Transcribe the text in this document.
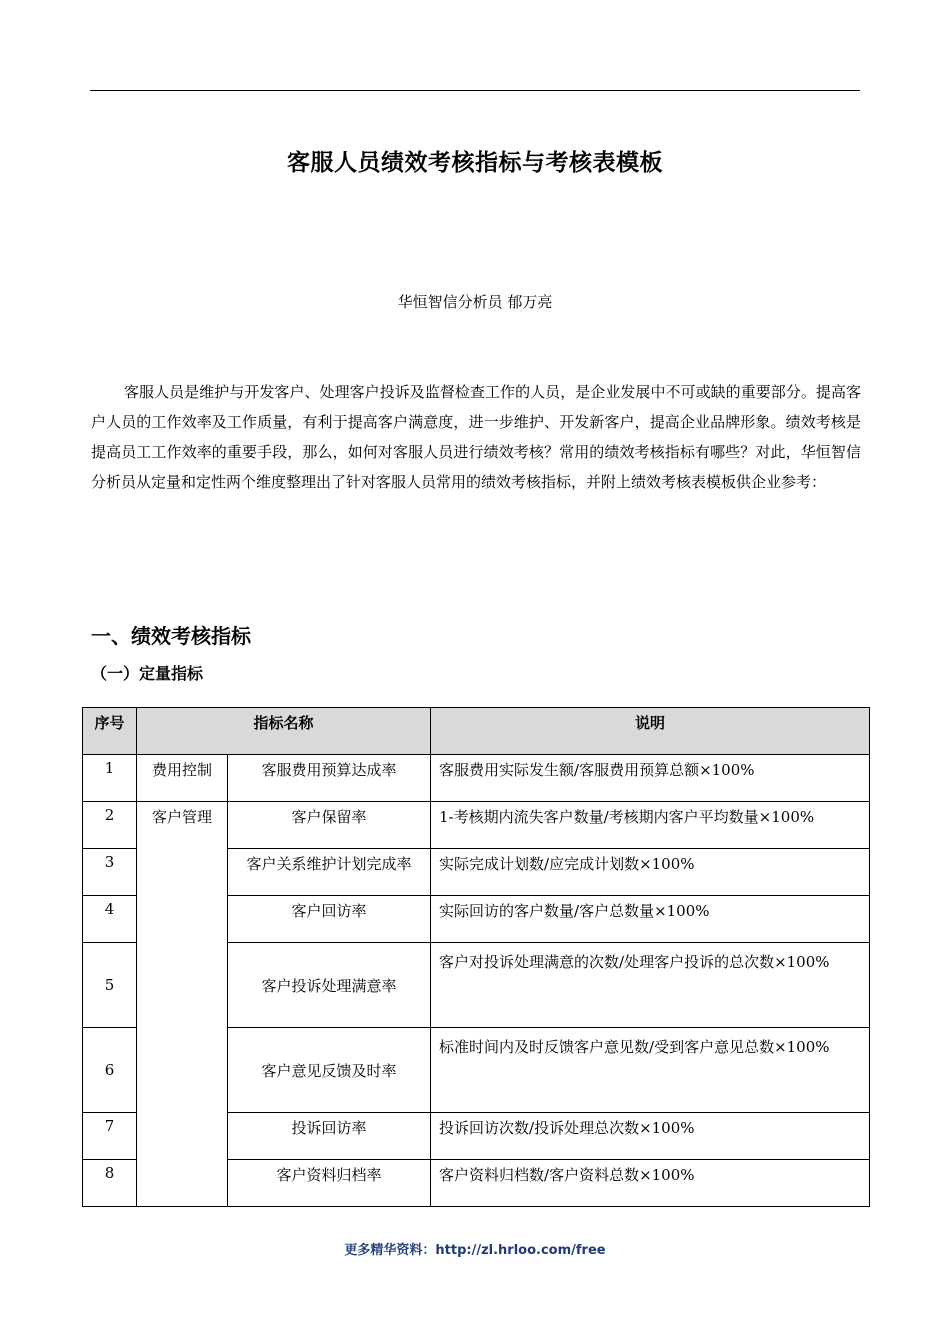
客服人员绩效考核指标与考核表模板
华恒智信分析员 郁万亮

客服人员是维护与开发客户、处理客户投诉及监督检查工作的人员，是企业发展中不可或缺的重要部分。提高客户人员的工作效率及工作质量，有利于提高客户满意度，进一步维护、开发新客户，提高企业品牌形象。绩效考核是提高员工工作效率的重要手段，那么，如何对客服人员进行绩效考核？常用的绩效考核指标有哪些？对此，华恒智信分析员从定量和定性两个维度整理出了针对客服人员常用的绩效考核指标，并附上绩效考核表模板供企业参考：

一、绩效考核指标
（一）定量指标
序号	指标名称		说明
1	费用控制	客服费用预算达成率	客服费用实际发生额/客服费用预算总额×100%
2	客户管理	客户保留率	1-考核期内流失客户数量/考核期内客户平均数量×100%
3		客户关系维护计划完成率	实际完成计划数/应完成计划数×100%
4		客户回访率	实际回访的客户数量/客户总数量×100%
5		客户投诉处理满意率	客户对投诉处理满意的次数/处理客户投诉的总次数×100%
6		客户意见反馈及时率	标准时间内及时反馈客户意见数/受到客户意见总数×100%
7		投诉回访率	投诉回访次数/投诉处理总次数×100%
8		客户资料归档率	客户资料归档数/客户资料总数×100%
更多精华资料：http://zl.hrloo.com/free
